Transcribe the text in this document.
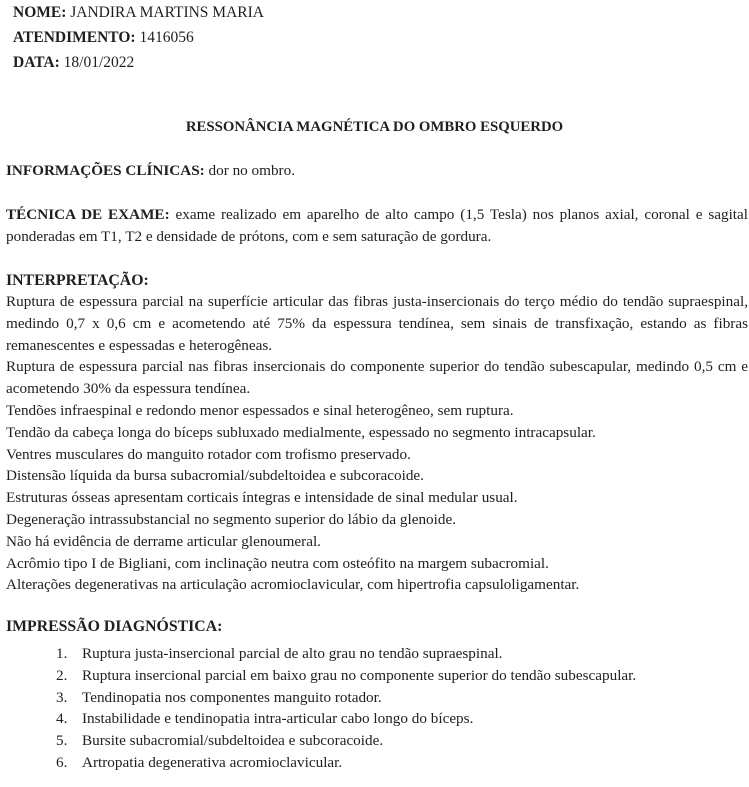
NOME: JANDIRA MARTINS MARIA
ATENDIMENTO: 1416056
DATA: 18/01/2022
RESSONÂNCIA MAGNÉTICA DO OMBRO ESQUERDO
INFORMAÇÕES CLÍNICAS: dor no ombro.
TÉCNICA DE EXAME: exame realizado em aparelho de alto campo (1,5 Tesla) nos planos axial, coronal e sagital ponderadas em T1, T2 e densidade de prótons, com e sem saturação de gordura.
INTERPRETAÇÃO:

Ruptura de espessura parcial na superfície articular das fibras justa-insercionais do terço médio do tendão supraespinal, medindo 0,7 x 0,6 cm e acometendo até 75% da espessura tendínea, sem sinais de transfixação, estando as fibras remanescentes e espessadas e heterogêneas.

Ruptura de espessura parcial nas fibras insercionais do componente superior do tendão subescapular, medindo 0,5 cm e acometendo 30% da espessura tendínea.

Tendões infraespinal e redondo menor espessados e sinal heterogêneo, sem ruptura.

Tendão da cabeça longa do bíceps subluxado medialmente, espessado no segmento intracapsular.

Ventres musculares do manguito rotador com trofismo preservado.

Distensão líquida da bursa subacromial/subdeltoidea e subcoracoide.

Estruturas ósseas apresentam corticais íntegras e intensidade de sinal medular usual.

Degeneração intrassubstancial no segmento superior do lábio da glenoide.

Não há evidência de derrame articular glenoumeral.

Acrômio tipo I de Bigliani, com inclinação neutra com osteófito na margem subacromial.

Alterações degenerativas na articulação acromioclavicular, com hipertrofia capsuloligamentar.

IMPRESSÃO DIAGNÓSTICA:
1. Ruptura justa-insercional parcial de alto grau no tendão supraespinal.
2. Ruptura insercional parcial em baixo grau no componente superior do tendão subescapular.
3. Tendinopatia nos componentes manguito rotador.
4. Instabilidade e tendinopatia intra-articular cabo longo do bíceps.
5. Bursite subacromial/subdeltoidea e subcoracoide.
6. Artropatia degenerativa acromioclavicular.
